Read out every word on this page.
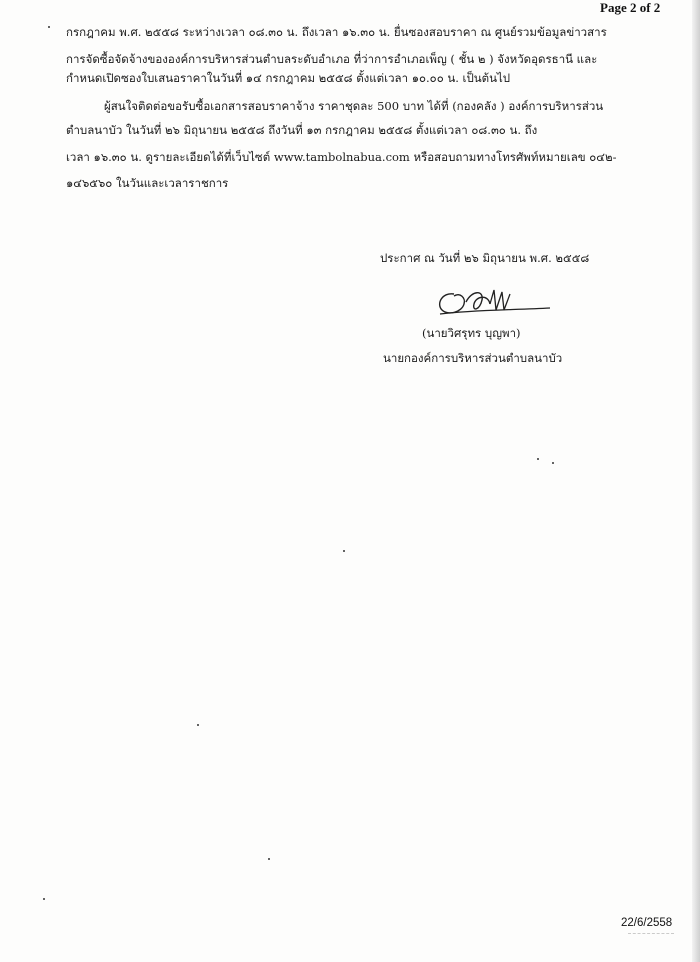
Page 2 of 2
กรกฎาคม พ.ศ. ๒๕๕๘ ระหว่างเวลา ๐๘.๓๐ น. ถึงเวลา ๑๖.๓๐ น. ยื่นซองสอบราคา ณ ศูนย์รวมข้อมูลข่าวสาร
การจัดซื้อจัดจ้างขององค์การบริหารส่วนตำบลระดับอำเภอ ที่ว่าการอำเภอเพ็ญ ( ชั้น ๒ ) จังหวัดอุดรธานี และ
กำหนดเปิดซองใบเสนอราคาในวันที่ ๑๔ กรกฎาคม ๒๕๕๘ ตั้งแต่เวลา ๑๐.๐๐ น. เป็นต้นไป
ผู้สนใจติดต่อขอรับซื้อเอกสารสอบราคาจ้าง ราคาชุดละ 500 บาท ได้ที่ (กองคลัง ) องค์การบริหารส่วน
ตำบลนาบัว ในวันที่ ๒๖ มิถุนายน ๒๕๕๘ ถึงวันที่ ๑๓ กรกฎาคม ๒๕๕๘ ตั้งแต่เวลา ๐๘.๓๐ น. ถึง
เวลา ๑๖.๓๐ น. ดูรายละเอียดได้ที่เว็บไซต์ www.tambolnabua.com หรือสอบถามทางโทรศัพท์หมายเลข ๐๔๒-
๑๔๖๕๖๐ ในวันและเวลาราชการ
ประกาศ ณ วันที่ ๒๖ มิถุนายน พ.ศ. ๒๕๕๘
(นายวิศรุทร บุญพา)
นายกองค์การบริหารส่วนตำบลนาบัว
22/6/2558
